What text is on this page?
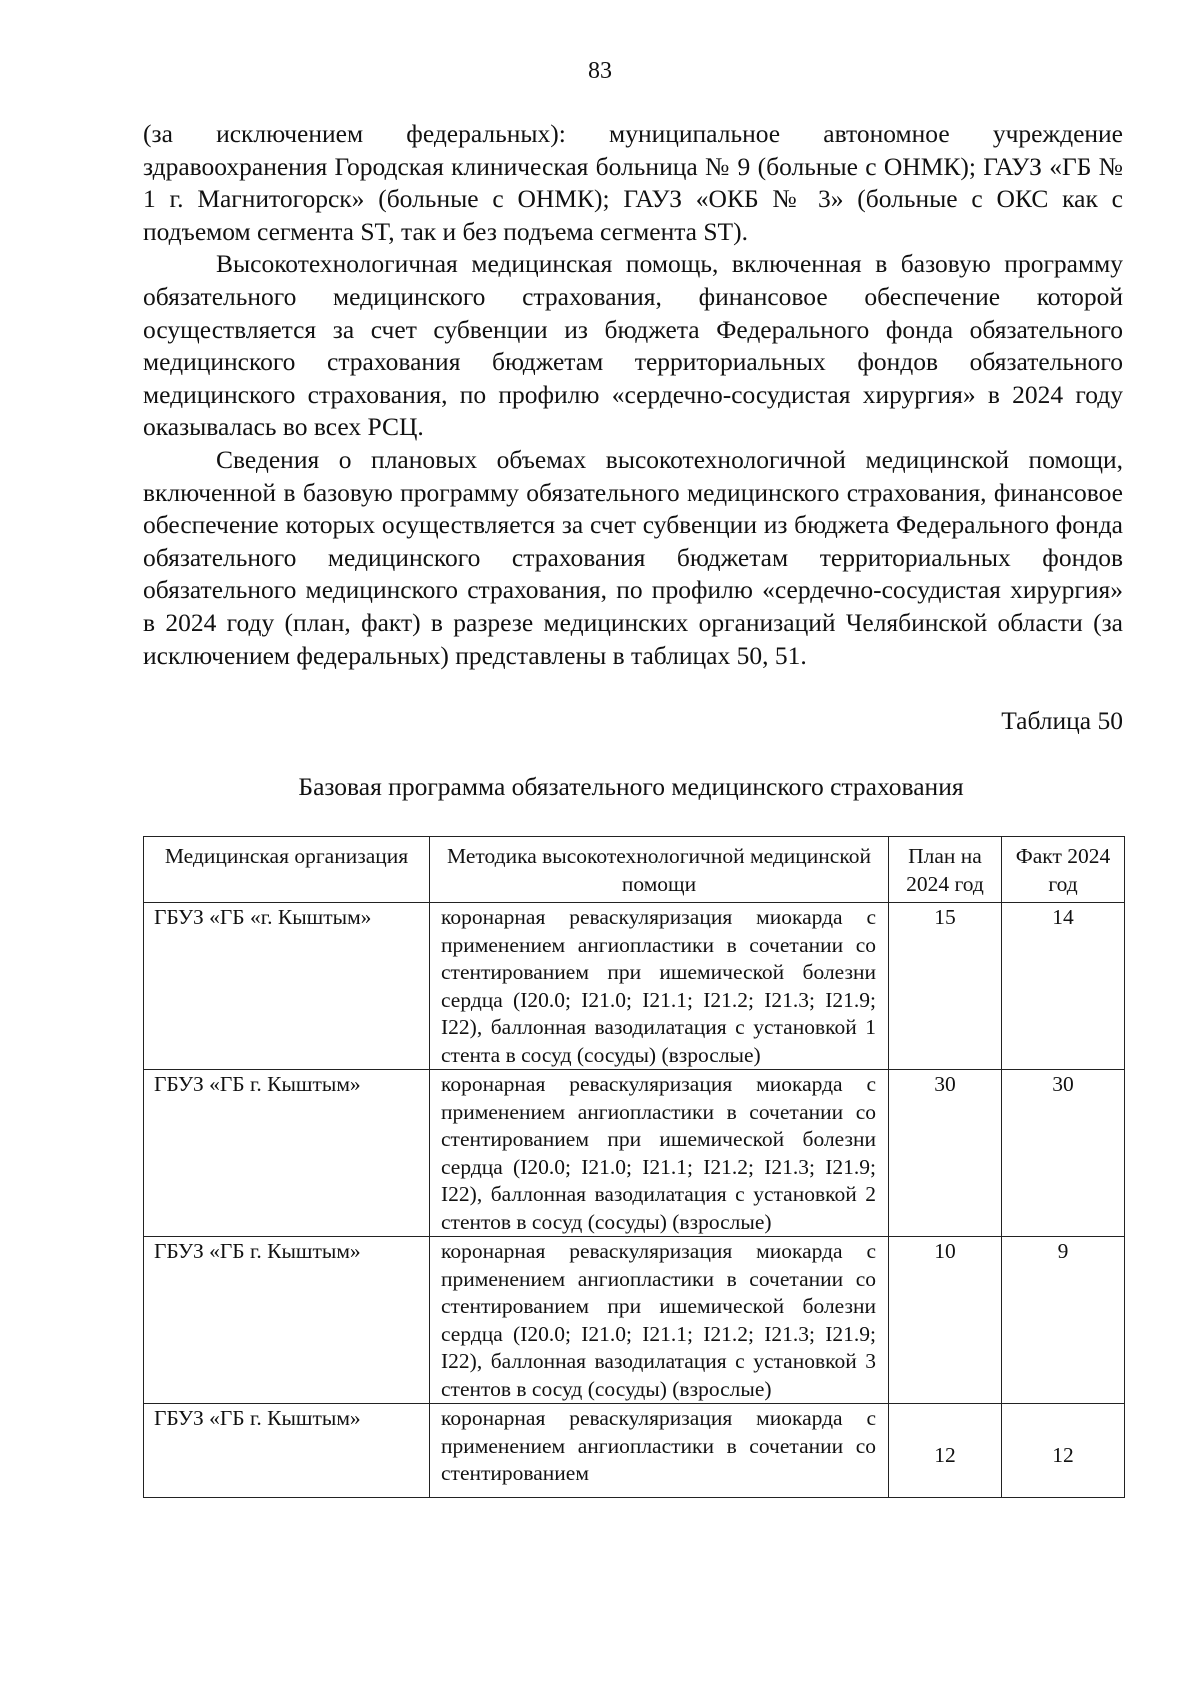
83

(за исключением федеральных): муниципальное автономное учреждение здравоохранения Городская клиническая больница № 9 (больные с ОНМК); ГАУЗ «ГБ № 1 г. Магнитогорск» (больные с ОНМК); ГАУЗ «ОКБ № 3» (больные с ОКС как с подъемом сегмента ST, так и без подъема сегмента ST).

Высокотехнологичная медицинская помощь, включенная в базовую программу обязательного медицинского страхования, финансовое обеспечение которой осуществляется за счет субвенции из бюджета Федерального фонда обязательного медицинского страхования бюджетам территориальных фондов обязательного медицинского страхования, по профилю «сердечно-сосудистая хирургия» в 2024 году оказывалась во всех РСЦ.

Сведения о плановых объемах высокотехнологичной медицинской помощи, включенной в базовую программу обязательного медицинского страхования, финансовое обеспечение которых осуществляется за счет субвенции из бюджета Федерального фонда обязательного медицинского страхования бюджетам территориальных фондов обязательного медицинского страхования, по профилю «сердечно-сосудистая хирургия» в 2024 году (план, факт) в разрезе медицинских организаций Челябинской области (за исключением федеральных) представлены в таблицах 50, 51.

Таблица 50
Базовая программа обязательного медицинского страхования
Медицинская организация	Методика высокотехнологичной медицинской помощи	План на 2024 год	Факт 2024 год
ГБУЗ «ГБ «г. Кыштым»	коронарная реваскуляризация миокарда с применением ангиопластики в сочетании со стентированием при ишемической болезни сердца (I20.0; I21.0; I21.1; I21.2; I21.3; I21.9; I22), баллонная вазодилатация с установкой 1 стента в сосуд (сосуды) (взрослые)	15	14
ГБУЗ «ГБ г. Кыштым»	коронарная реваскуляризация миокарда с применением ангиопластики в сочетании со стентированием при ишемической болезни сердца (I20.0; I21.0; I21.1; I21.2; I21.3; I21.9; I22), баллонная вазодилатация с установкой 2 стентов в сосуд (сосуды) (взрослые)	30	30
ГБУЗ «ГБ г. Кыштым»	коронарная реваскуляризация миокарда с применением ангиопластики в сочетании со стентированием при ишемической болезни сердца (I20.0; I21.0; I21.1; I21.2; I21.3; I21.9; I22), баллонная вазодилатация с установкой 3 стентов в сосуд (сосуды) (взрослые)	10	9
ГБУЗ «ГБ г. Кыштым»	коронарная реваскуляризация миокарда с применением ангиопластики в сочетании со стентированием	12	12
